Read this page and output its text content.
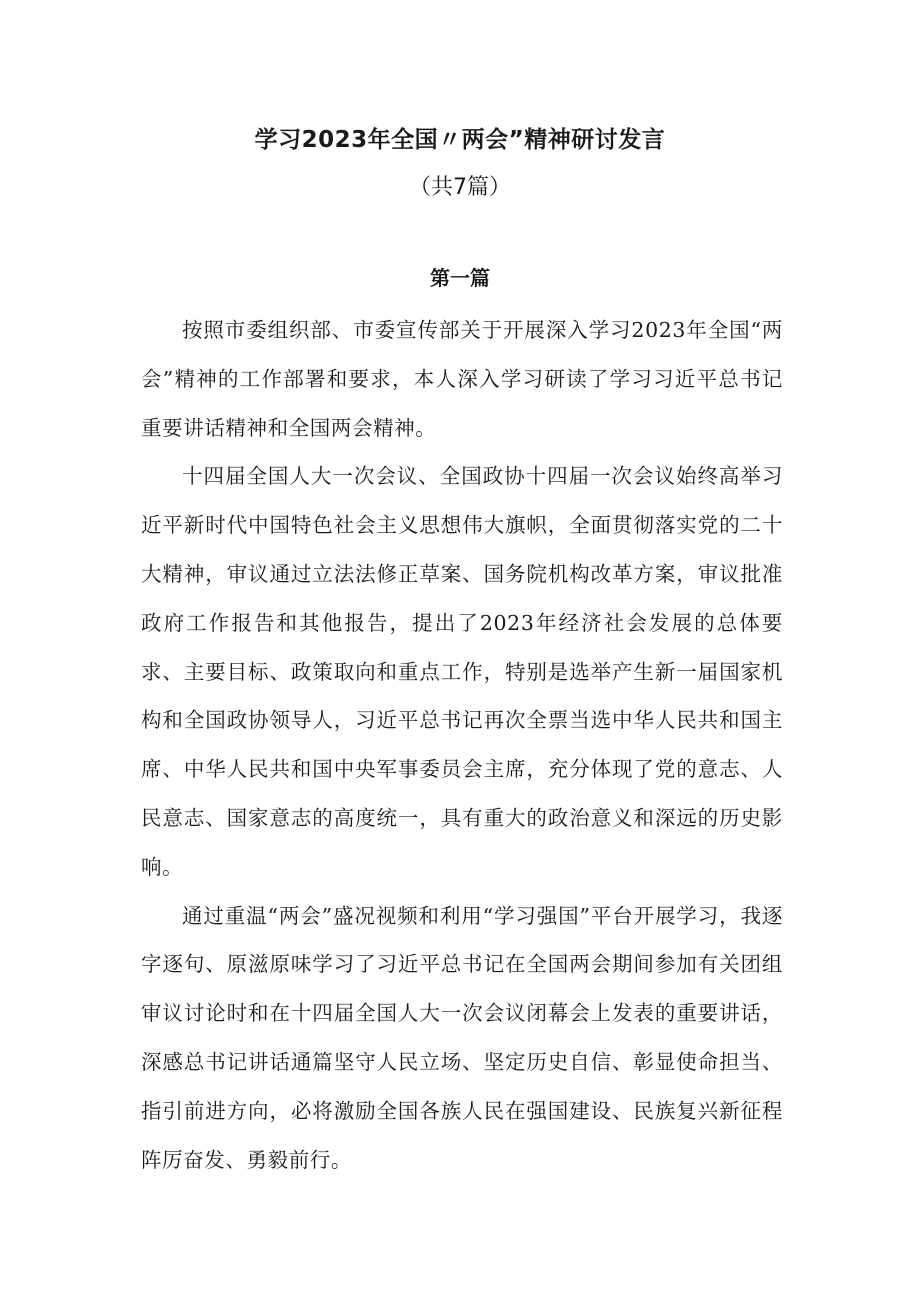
学习2023年全国〃两会”精神研讨发言
（共7篇）
第一篇

按照市委组织部、市委宣传部关于开展深入学习2023年全国“两会”精神的工作部署和要求，本人深入学习研读了学习习近平总书记重要讲话精神和全国两会精神。

十四届全国人大一次会议、全国政协十四届一次会议始终高举习近平新时代中国特色社会主义思想伟大旗帜，全面贯彻落实党的二十大精神，审议通过立法法修正草案、国务院机构改革方案，审议批准政府工作报告和其他报告，提出了2023年经济社会发展的总体要求、主要目标、政策取向和重点工作，特别是选举产生新一届国家机构和全国政协领导人，习近平总书记再次全票当选中华人民共和国主席、中华人民共和国中央军事委员会主席，充分体现了党的意志、人民意志、国家意志的高度统一，具有重大的政治意义和深远的历史影响。

通过重温“两会”盛况视频和利用“学习强国”平台开展学习，我逐字逐句、原滋原味学习了习近平总书记在全国两会期间参加有关团组审议讨论时和在十四届全国人大一次会议闭幕会上发表的重要讲话，深感总书记讲话通篇坚守人民立场、坚定历史自信、彰显使命担当、指引前进方向，必将激励全国各族人民在强国建设、民族复兴新征程阵厉奋发、勇毅前行。
